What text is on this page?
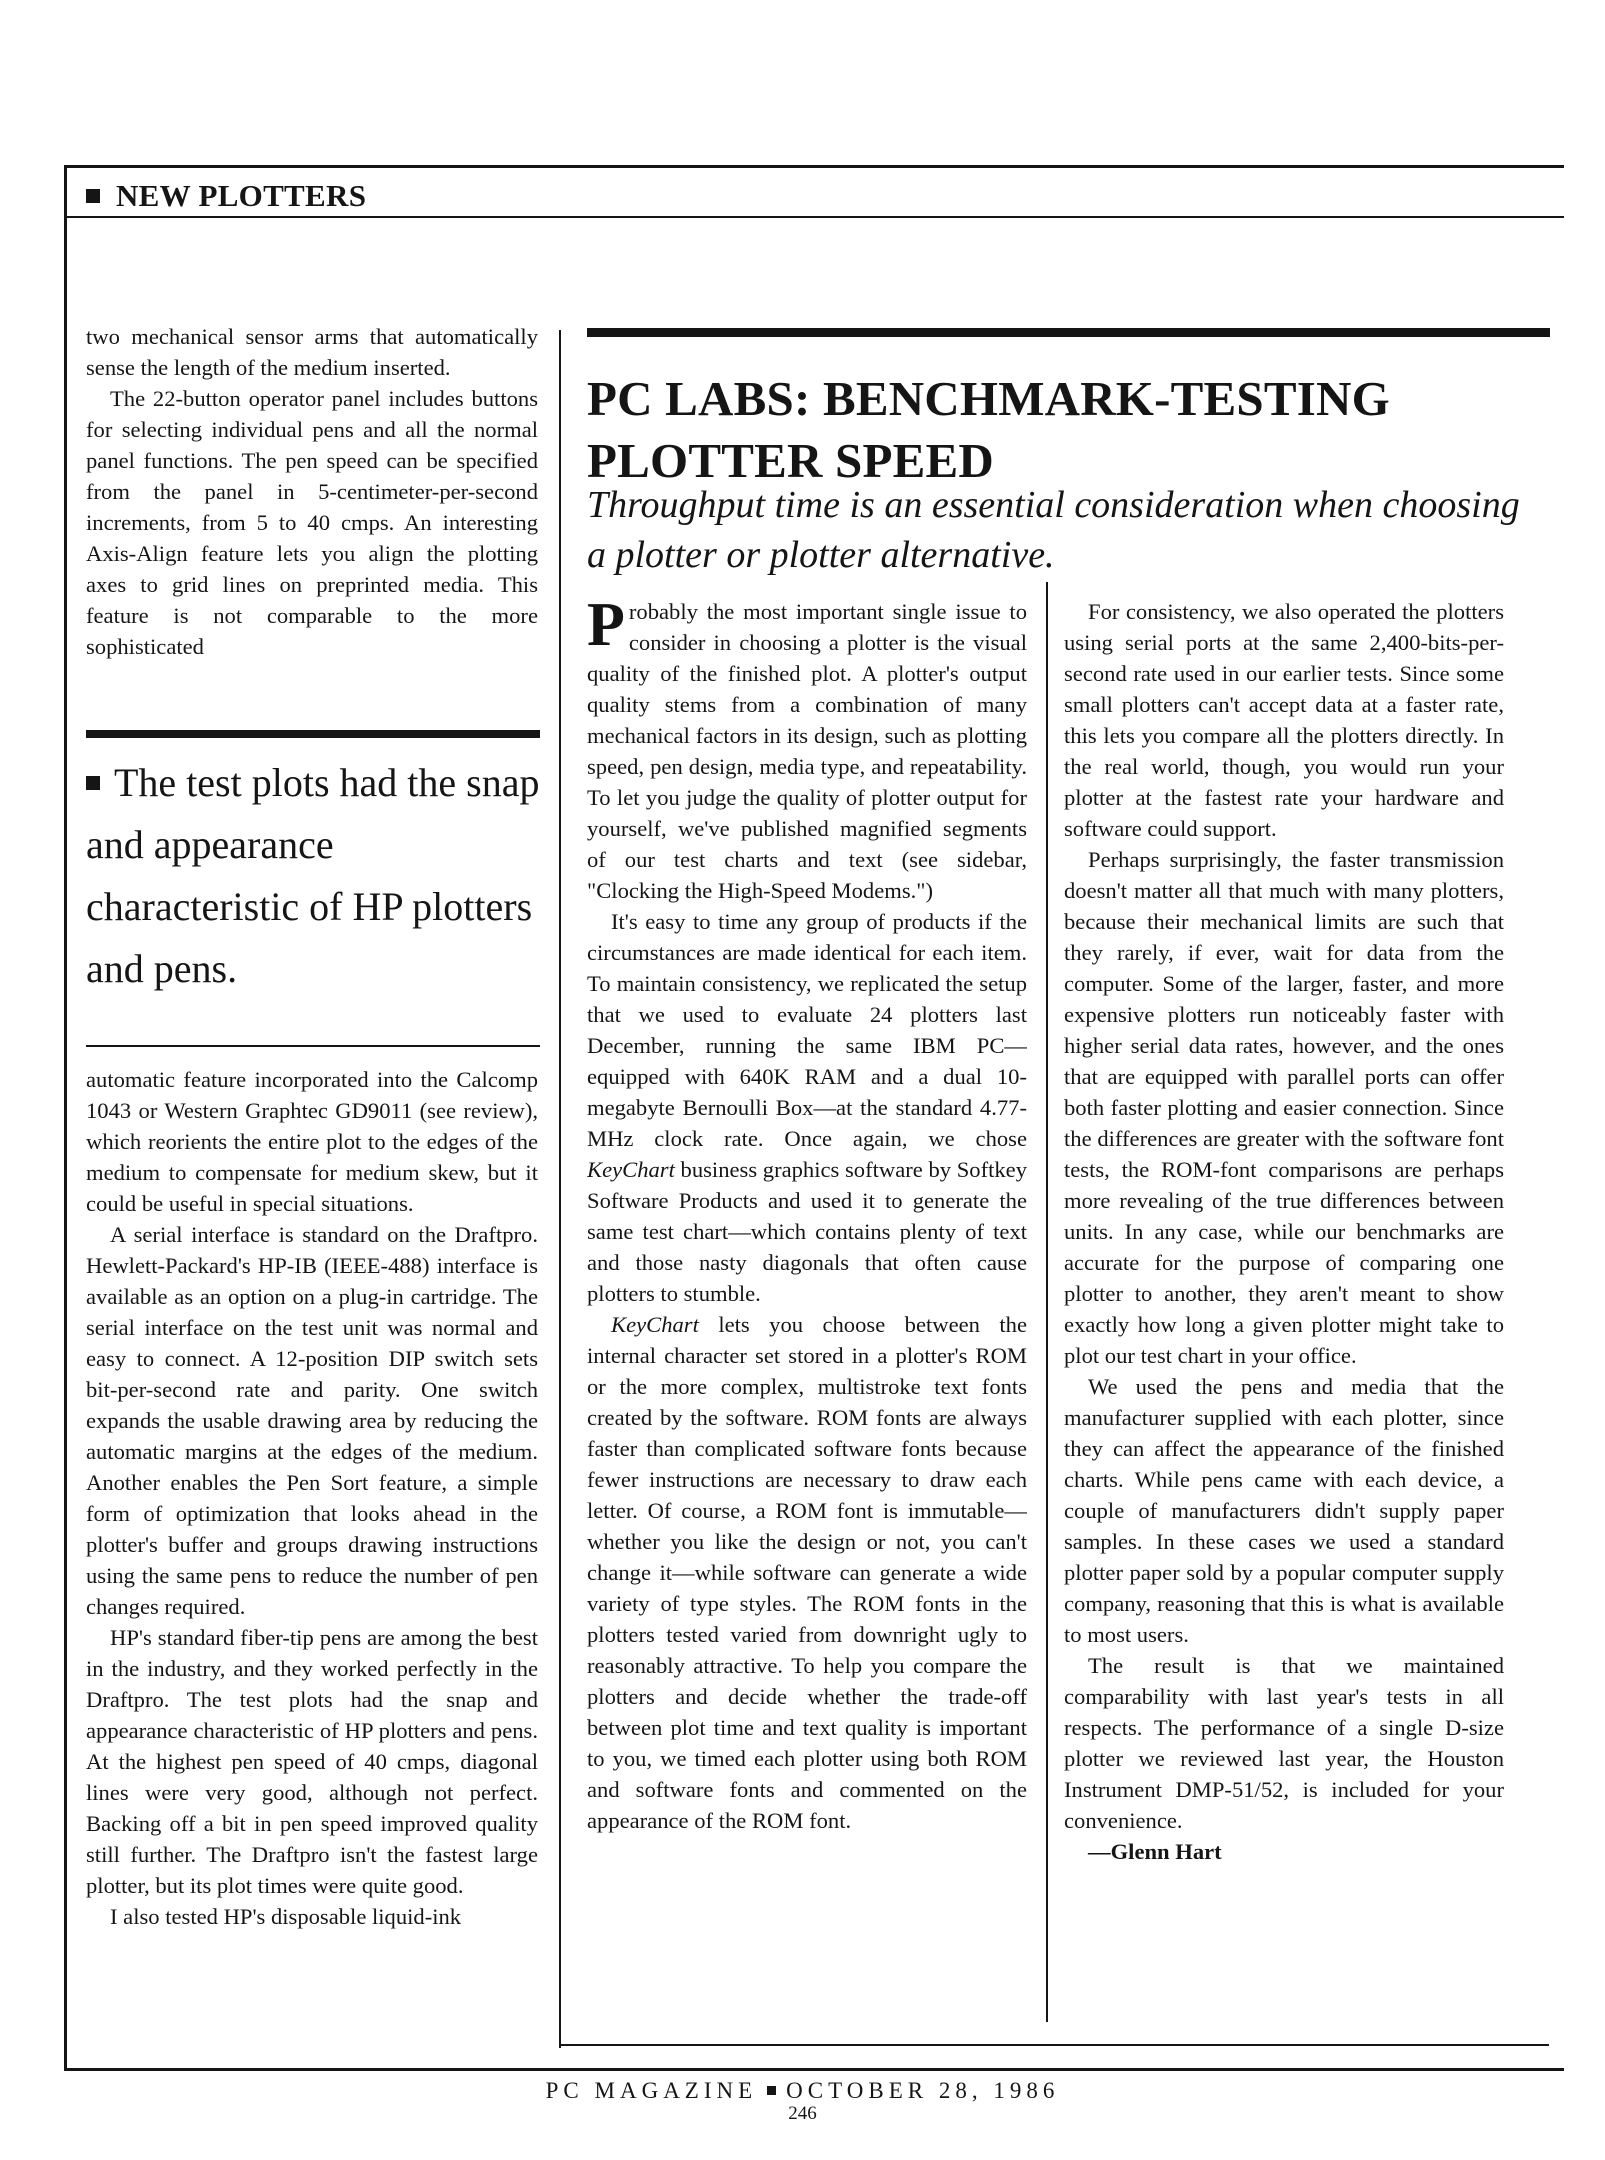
NEW PLOTTERS

two mechanical sensor arms that automatically sense the length of the medium inserted.

The 22-button operator panel includes buttons for selecting individual pens and all the normal panel functions. The pen speed can be specified from the panel in 5-centimeter-per-second increments, from 5 to 40 cmps. An interesting Axis-Align feature lets you align the plotting axes to grid lines on preprinted media. This feature is not comparable to the more sophisticated

The test plots had the snap and appearance characteristic of HP plotters and pens.

automatic feature incorporated into the Calcomp 1043 or Western Graphtec GD9011 (see review), which reorients the entire plot to the edges of the medium to compensate for medium skew, but it could be useful in special situations.

A serial interface is standard on the Draftpro. Hewlett-Packard's HP-IB (IEEE-488) interface is available as an option on a plug-in cartridge. The serial interface on the test unit was normal and easy to connect. A 12-position DIP switch sets bit-per-second rate and parity. One switch expands the usable drawing area by reducing the automatic margins at the edges of the medium. Another enables the Pen Sort feature, a simple form of optimization that looks ahead in the plotter's buffer and groups drawing instructions using the same pens to reduce the number of pen changes required.

HP's standard fiber-tip pens are among the best in the industry, and they worked perfectly in the Draftpro. The test plots had the snap and appearance characteristic of HP plotters and pens. At the highest pen speed of 40 cmps, diagonal lines were very good, although not perfect. Backing off a bit in pen speed improved quality still further. The Draftpro isn't the fastest large plotter, but its plot times were quite good.

I also tested HP's disposable liquid-ink

PC LABS: BENCHMARK-TESTING PLOTTER SPEED
Throughput time is an essential consideration when choosing a plotter or plotter alternative.

Probably the most important single issue to consider in choosing a plotter is the visual quality of the finished plot. A plotter's output quality stems from a combination of many mechanical factors in its design, such as plotting speed, pen design, media type, and repeatability. To let you judge the quality of plotter output for yourself, we've published magnified segments of our test charts and text (see sidebar, "Clocking the High-Speed Modems.")

It's easy to time any group of products if the circumstances are made identical for each item. To maintain consistency, we replicated the setup that we used to evaluate 24 plotters last December, running the same IBM PC—equipped with 640K RAM and a dual 10-megabyte Bernoulli Box—at the standard 4.77-MHz clock rate. Once again, we chose KeyChart business graphics software by Softkey Software Products and used it to generate the same test chart—which contains plenty of text and those nasty diagonals that often cause plotters to stumble.

KeyChart lets you choose between the internal character set stored in a plotter's ROM or the more complex, multistroke text fonts created by the software. ROM fonts are always faster than complicated software fonts because fewer instructions are necessary to draw each letter. Of course, a ROM font is immutable—whether you like the design or not, you can't change it—while software can generate a wide variety of type styles. The ROM fonts in the plotters tested varied from downright ugly to reasonably attractive. To help you compare the plotters and decide whether the trade-off between plot time and text quality is important to you, we timed each plotter using both ROM and software fonts and commented on the appearance of the ROM font.

For consistency, we also operated the plotters using serial ports at the same 2,400-bits-per-second rate used in our earlier tests. Since some small plotters can't accept data at a faster rate, this lets you compare all the plotters directly. In the real world, though, you would run your plotter at the fastest rate your hardware and software could support.

Perhaps surprisingly, the faster transmission doesn't matter all that much with many plotters, because their mechanical limits are such that they rarely, if ever, wait for data from the computer. Some of the larger, faster, and more expensive plotters run noticeably faster with higher serial data rates, however, and the ones that are equipped with parallel ports can offer both faster plotting and easier connection. Since the differences are greater with the software font tests, the ROM-font comparisons are perhaps more revealing of the true differences between units. In any case, while our benchmarks are accurate for the purpose of comparing one plotter to another, they aren't meant to show exactly how long a given plotter might take to plot our test chart in your office.

We used the pens and media that the manufacturer supplied with each plotter, since they can affect the appearance of the finished charts. While pens came with each device, a couple of manufacturers didn't supply paper samples. In these cases we used a standard plotter paper sold by a popular computer supply company, reasoning that this is what is available to most users.

The result is that we maintained comparability with last year's tests in all respects. The performance of a single D-size plotter we reviewed last year, the Houston Instrument DMP-51/52, is included for your convenience.

—Glenn Hart

PC MAGAZINE OCTOBER 28, 1986
246
